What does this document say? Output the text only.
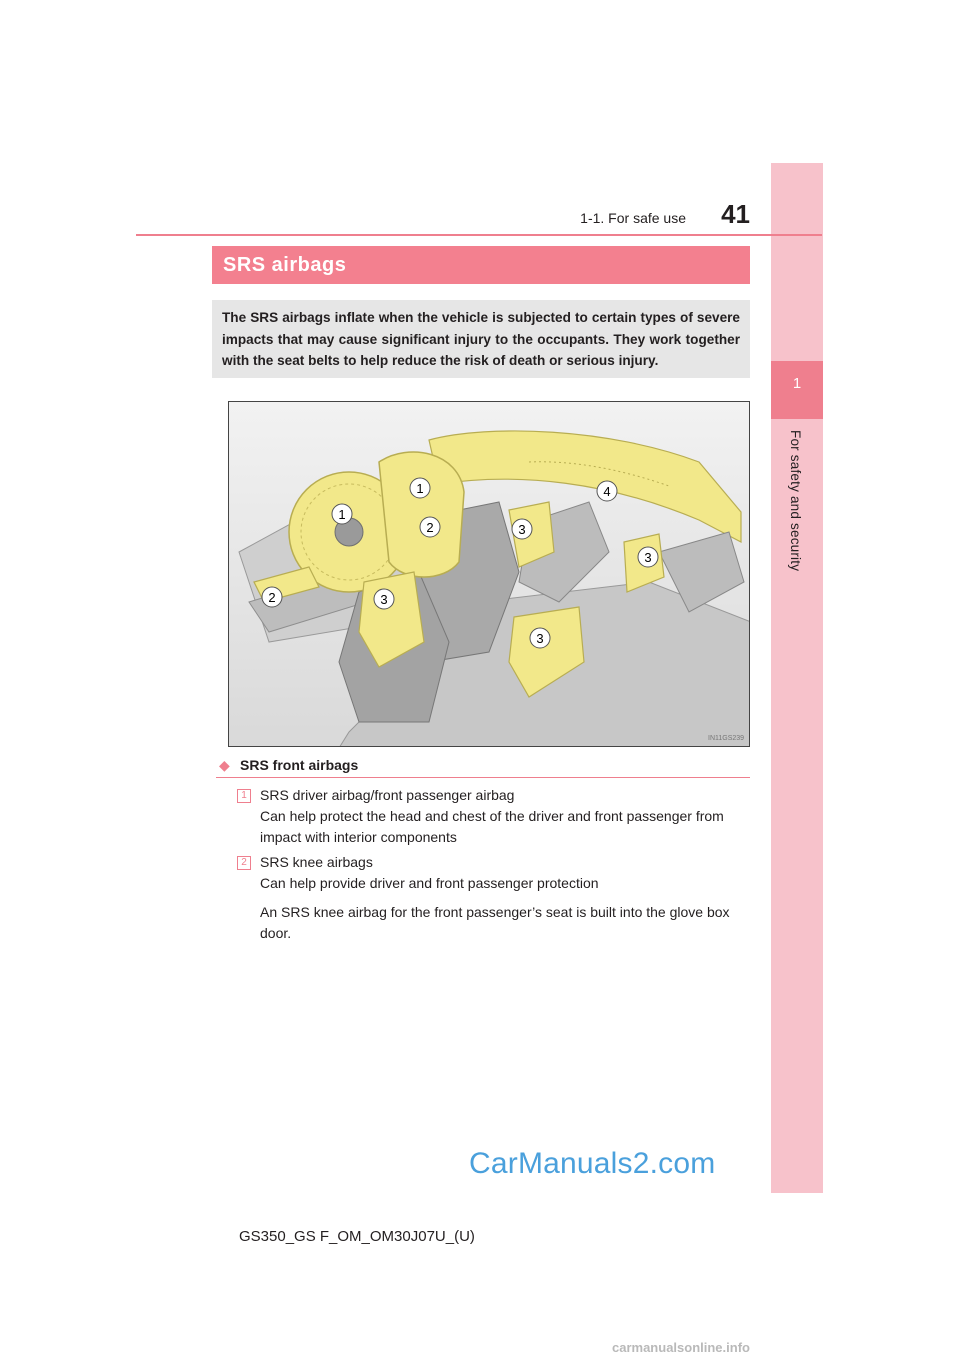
1
For safety and security
1-1. For safe use	41
SRS airbags
The SRS airbags inflate when the vehicle is subjected to certain types of severe impacts that may cause significant injury to the occupants. They work together with the seat belts to help reduce the risk of death or serious injury.
1
1
2
2
3
3
3
3
4
IN11GS239
◆ SRS front airbags
1 SRS driver airbag/front passenger airbag
Can help protect the head and chest of the driver and front passenger from impact with interior components
2 SRS knee airbags
Can help provide driver and front passenger protection
An SRS knee airbag for the front passenger’s seat is built into the glove box door.
GS350_GS F_OM_OM30J07U_(U)
CarManuals2.com
carmanualsonline.info
